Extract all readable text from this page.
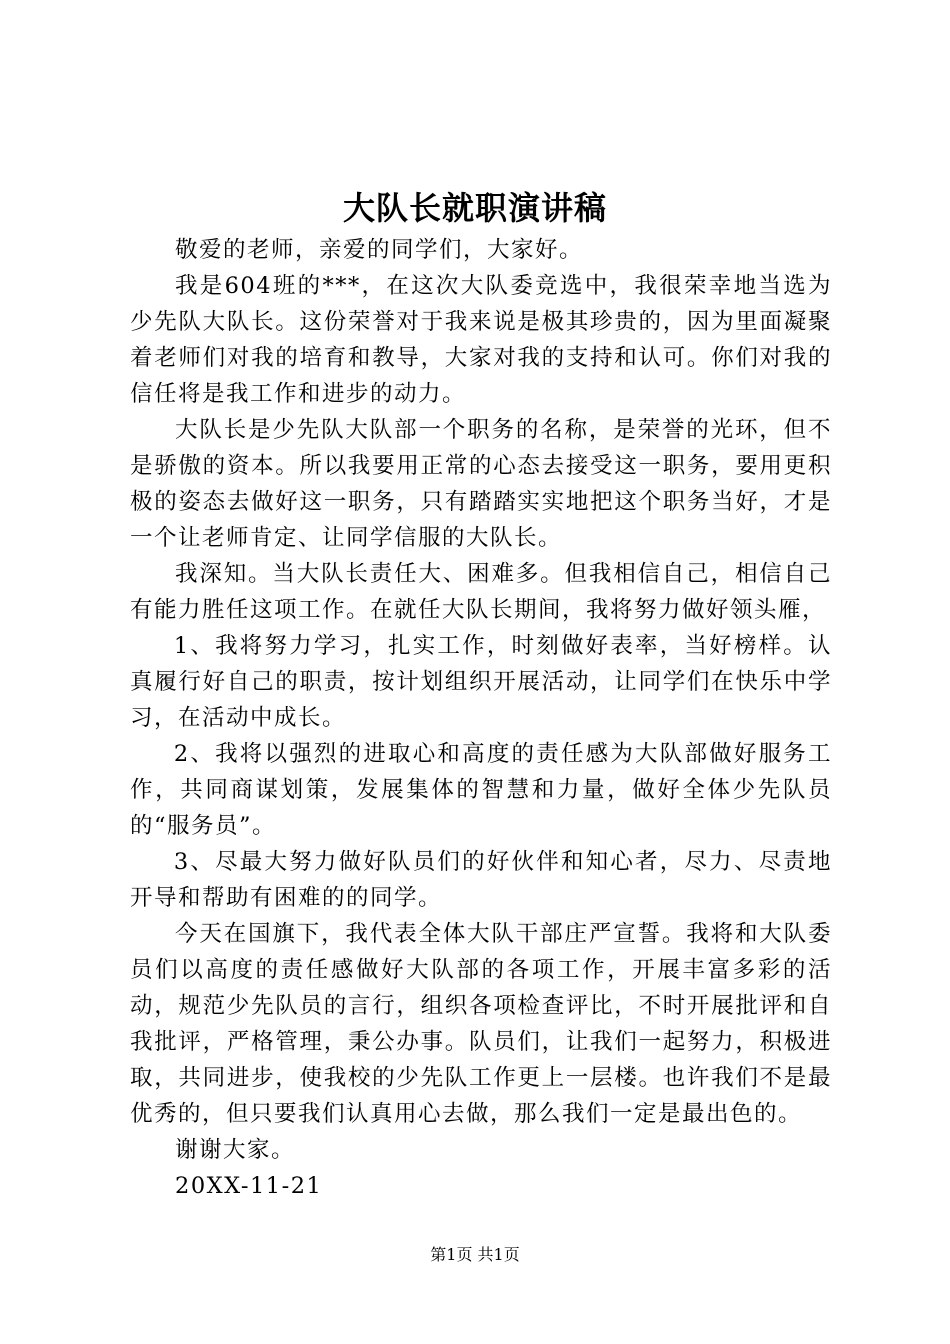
大队长就职演讲稿

敬爱的老师，亲爱的同学们，大家好。

我是604班的***，在这次大队委竞选中，我很荣幸地当选为少先队大队长。这份荣誉对于我来说是极其珍贵的，因为里面凝聚着老师们对我的培育和教导，大家对我的支持和认可。你们对我的信任将是我工作和进步的动力。

大队长是少先队大队部一个职务的名称，是荣誉的光环，但不是骄傲的资本。所以我要用正常的心态去接受这一职务，要用更积极的姿态去做好这一职务，只有踏踏实实地把这个职务当好，才是一个让老师肯定、让同学信服的大队长。

我深知。当大队长责任大、困难多。但我相信自己，相信自己有能力胜任这项工作。在就任大队长期间，我将努力做好领头雁，

1、我将努力学习，扎实工作，时刻做好表率，当好榜样。认真履行好自己的职责，按计划组织开展活动，让同学们在快乐中学习，在活动中成长。

2、我将以强烈的进取心和高度的责任感为大队部做好服务工作，共同商谋划策，发展集体的智慧和力量，做好全体少先队员的“服务员”。

3、尽最大努力做好队员们的好伙伴和知心者，尽力、尽责地开导和帮助有困难的的同学。

今天在国旗下，我代表全体大队干部庄严宣誓。我将和大队委员们以高度的责任感做好大队部的各项工作，开展丰富多彩的活动，规范少先队员的言行，组织各项检查评比，不时开展批评和自我批评，严格管理，秉公办事。队员们，让我们一起努力，积极进取，共同进步，使我校的少先队工作更上一层楼。也许我们不是最优秀的，但只要我们认真用心去做，那么我们一定是最出色的。

谢谢大家。

20XX-11-21

第1页 共1页
